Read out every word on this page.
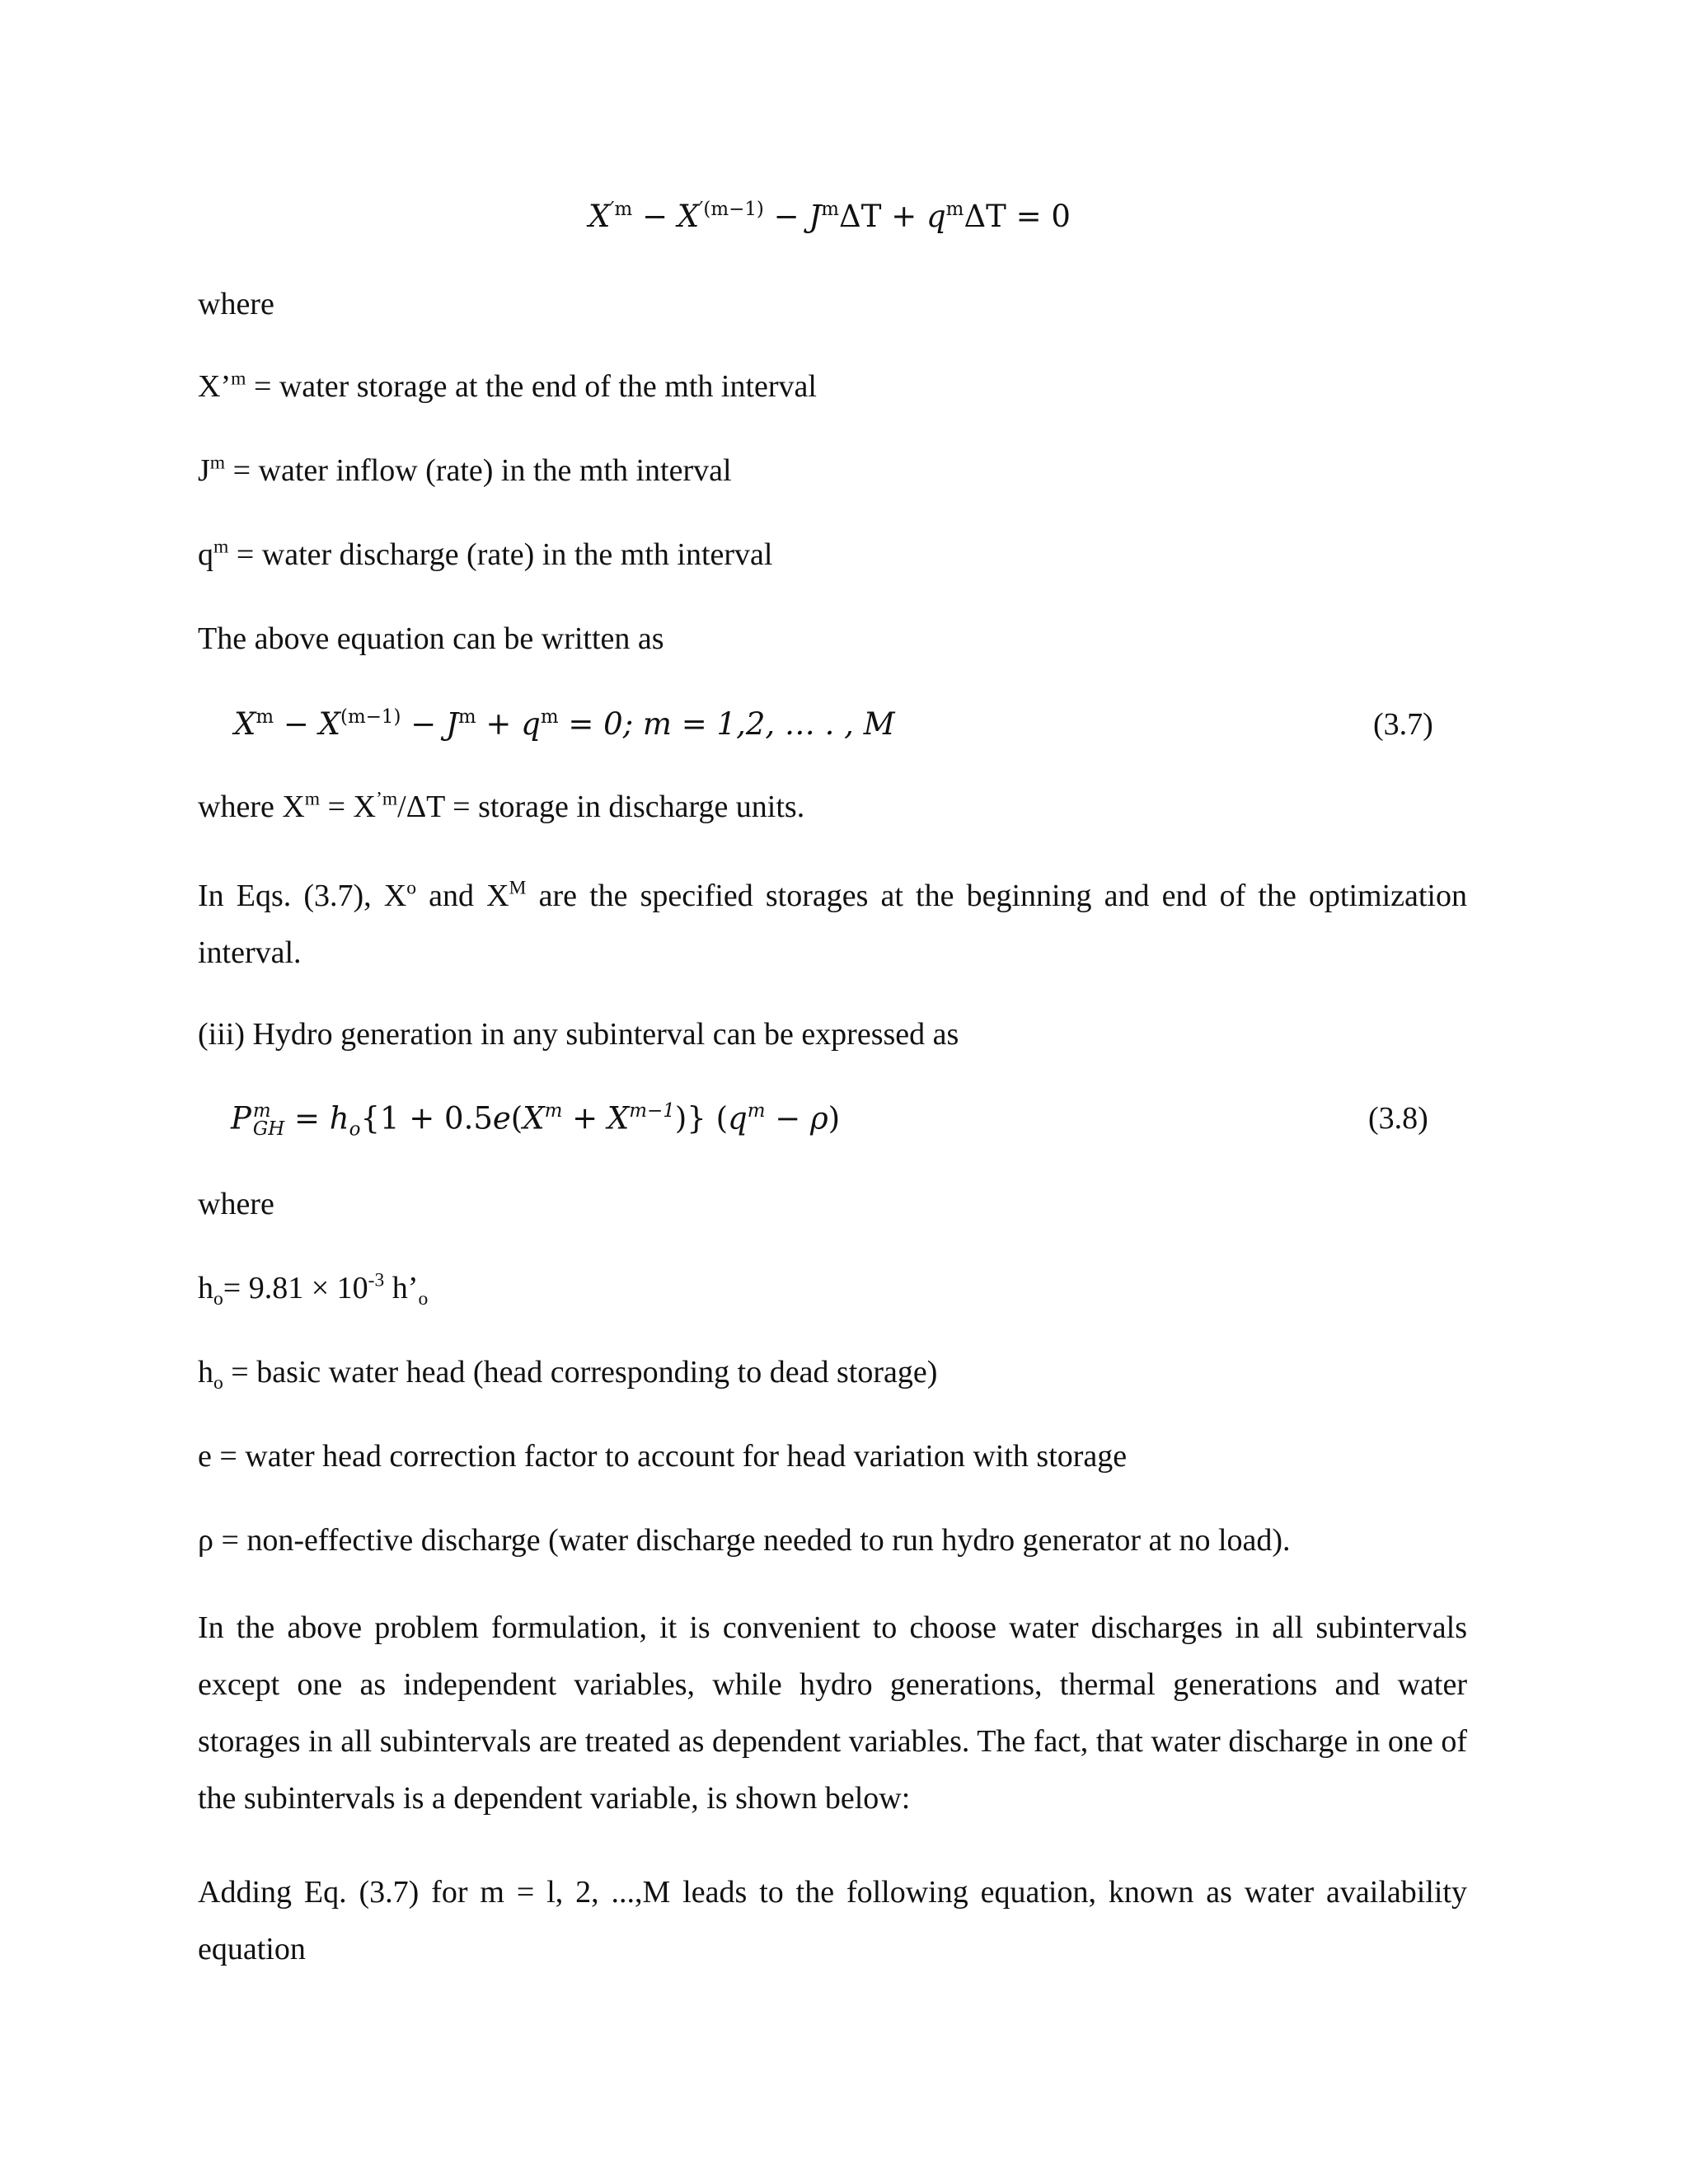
$X^{'m} - X^{'(m-1)} - J^m\Delta T + q^m\Delta T = 0$
where
X’$^m$ = water storage at the end of the mth interval
$J^m$ = water inflow (rate) in the mth interval
$q^m$ = water discharge (rate) in the mth interval
The above equation can be written as
$X^m - X^{(m-1)} - J^m + q^m = 0$; m = 1,2, … . , M	(3.7)
where $X^m = X^{’m}/\Delta T$ = storage in discharge units.
In Eqs. (3.7), $X^o$ and $X^M$ are the specified storages at the beginning and end of the optimization interval.
(iii) Hydro generation in any subinterval can be expressed as
P m
GH = $h_o\{1 + 0.5e(X^m + X^{m-1})\} (q^m - \rho)$	(3.8)
where
$h_o= 9.81 \times 10^{-3}$ $h’_o$
$h_o$ = basic water head (head corresponding to dead storage)
e = water head correction factor to account for head variation with storage
ρ = non-effective discharge (water discharge needed to run hydro generator at no load).
In the above problem formulation, it is convenient to choose water discharges in all subintervals except one as independent variables, while hydro generations, thermal generations and water storages in all subintervals are treated as dependent variables. The fact, that water discharge in one of the subintervals is a dependent variable, is shown below:
Adding Eq. (3.7) for m = l, 2, ...,M leads to the following equation, known as water availability equation
